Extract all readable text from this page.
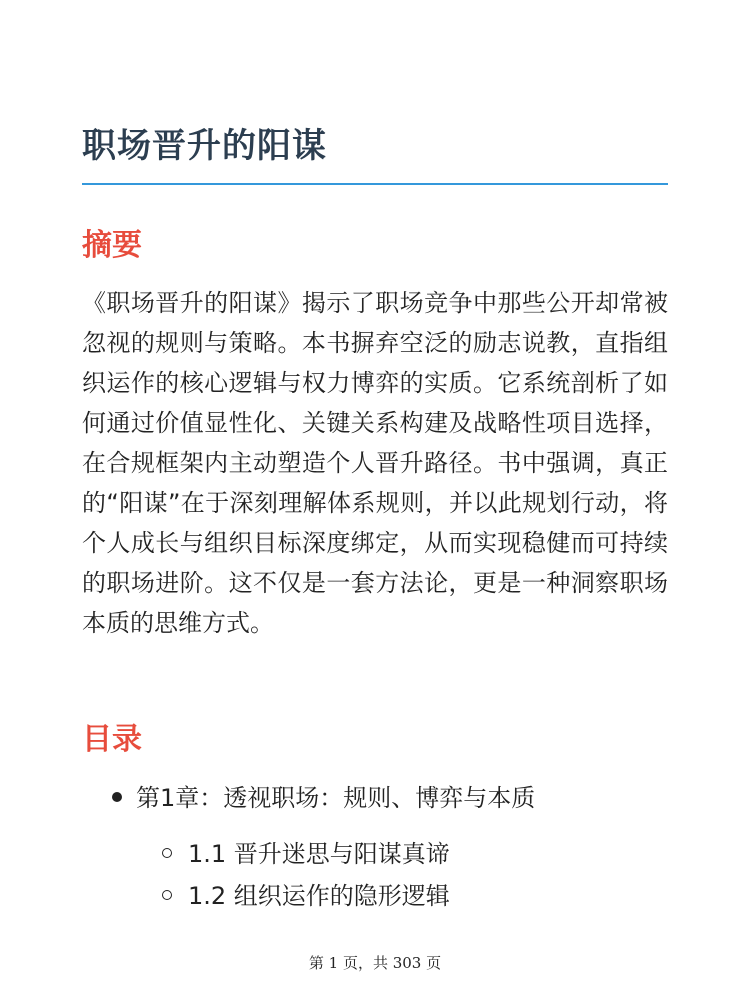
职场晋升的阳谋
摘要

《职场晋升的阳谋》揭示了职场竞争中那些公开却常被忽视的规则与策略。本书摒弃空泛的励志说教，直指组织运作的核心逻辑与权力博弈的实质。它系统剖析了如何通过价值显性化、关键关系构建及战略性项目选择，在合规框架内主动塑造个人晋升路径。书中强调，真正的“阳谋”在于深刻理解体系规则，并以此规划行动，将个人成长与组织目标深度绑定，从而实现稳健而可持续的职场进阶。这不仅是一套方法论，更是一种洞察职场本质的思维方式。

目录
第1章：透视职场：规则、博弈与本质
1.1 晋升迷思与阳谋真谛
1.2 组织运作的隐形逻辑
第 1 页，共 303 页
